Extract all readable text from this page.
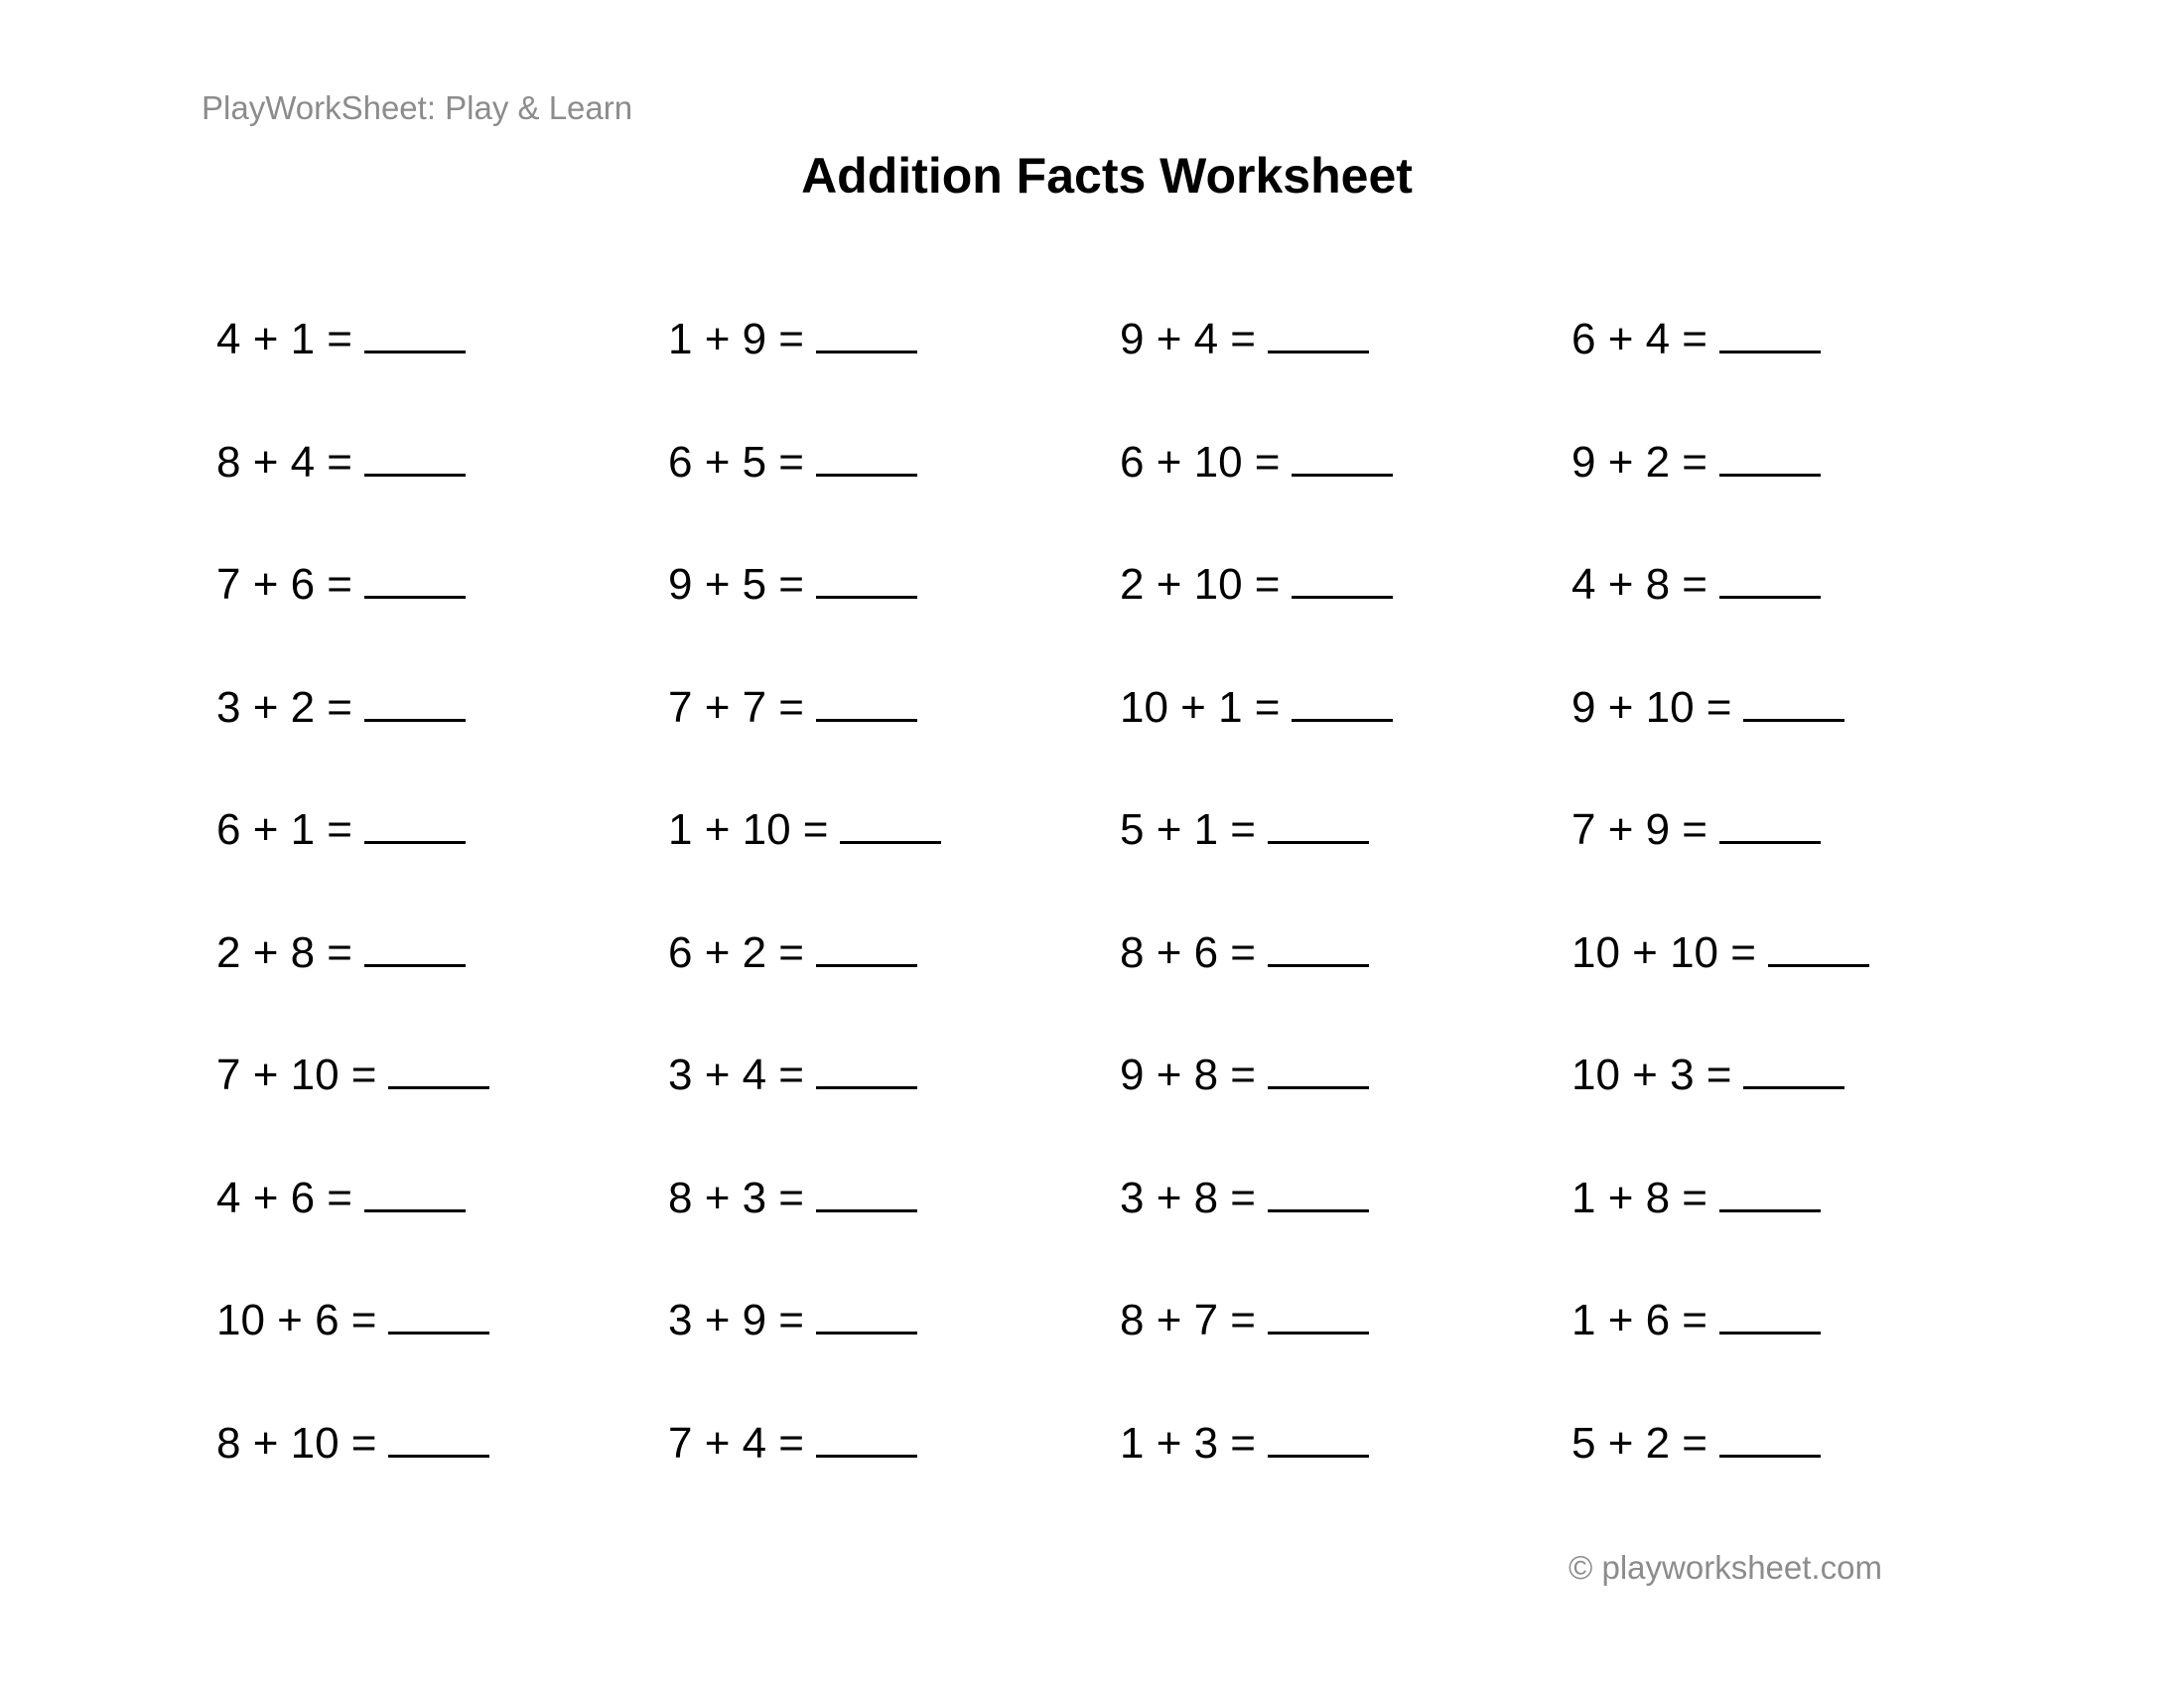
PlayWorkSheet: Play & Learn
Addition Facts Worksheet
4 + 1 =	1 + 9 =	9 + 4 =	6 + 4 =
8 + 4 =	6 + 5 =	6 + 10 =	9 + 2 =
7 + 6 =	9 + 5 =	2 + 10 =	4 + 8 =
3 + 2 =	7 + 7 =	10 + 1 =	9 + 10 =
6 + 1 =	1 + 10 =	5 + 1 =	7 + 9 =
2 + 8 =	6 + 2 =	8 + 6 =	10 + 10 =
7 + 10 =	3 + 4 =	9 + 8 =	10 + 3 =
4 + 6 =	8 + 3 =	3 + 8 =	1 + 8 =
10 + 6 =	3 + 9 =	8 + 7 =	1 + 6 =
8 + 10 =	7 + 4 =	1 + 3 =	5 + 2 =
© playworksheet.com
